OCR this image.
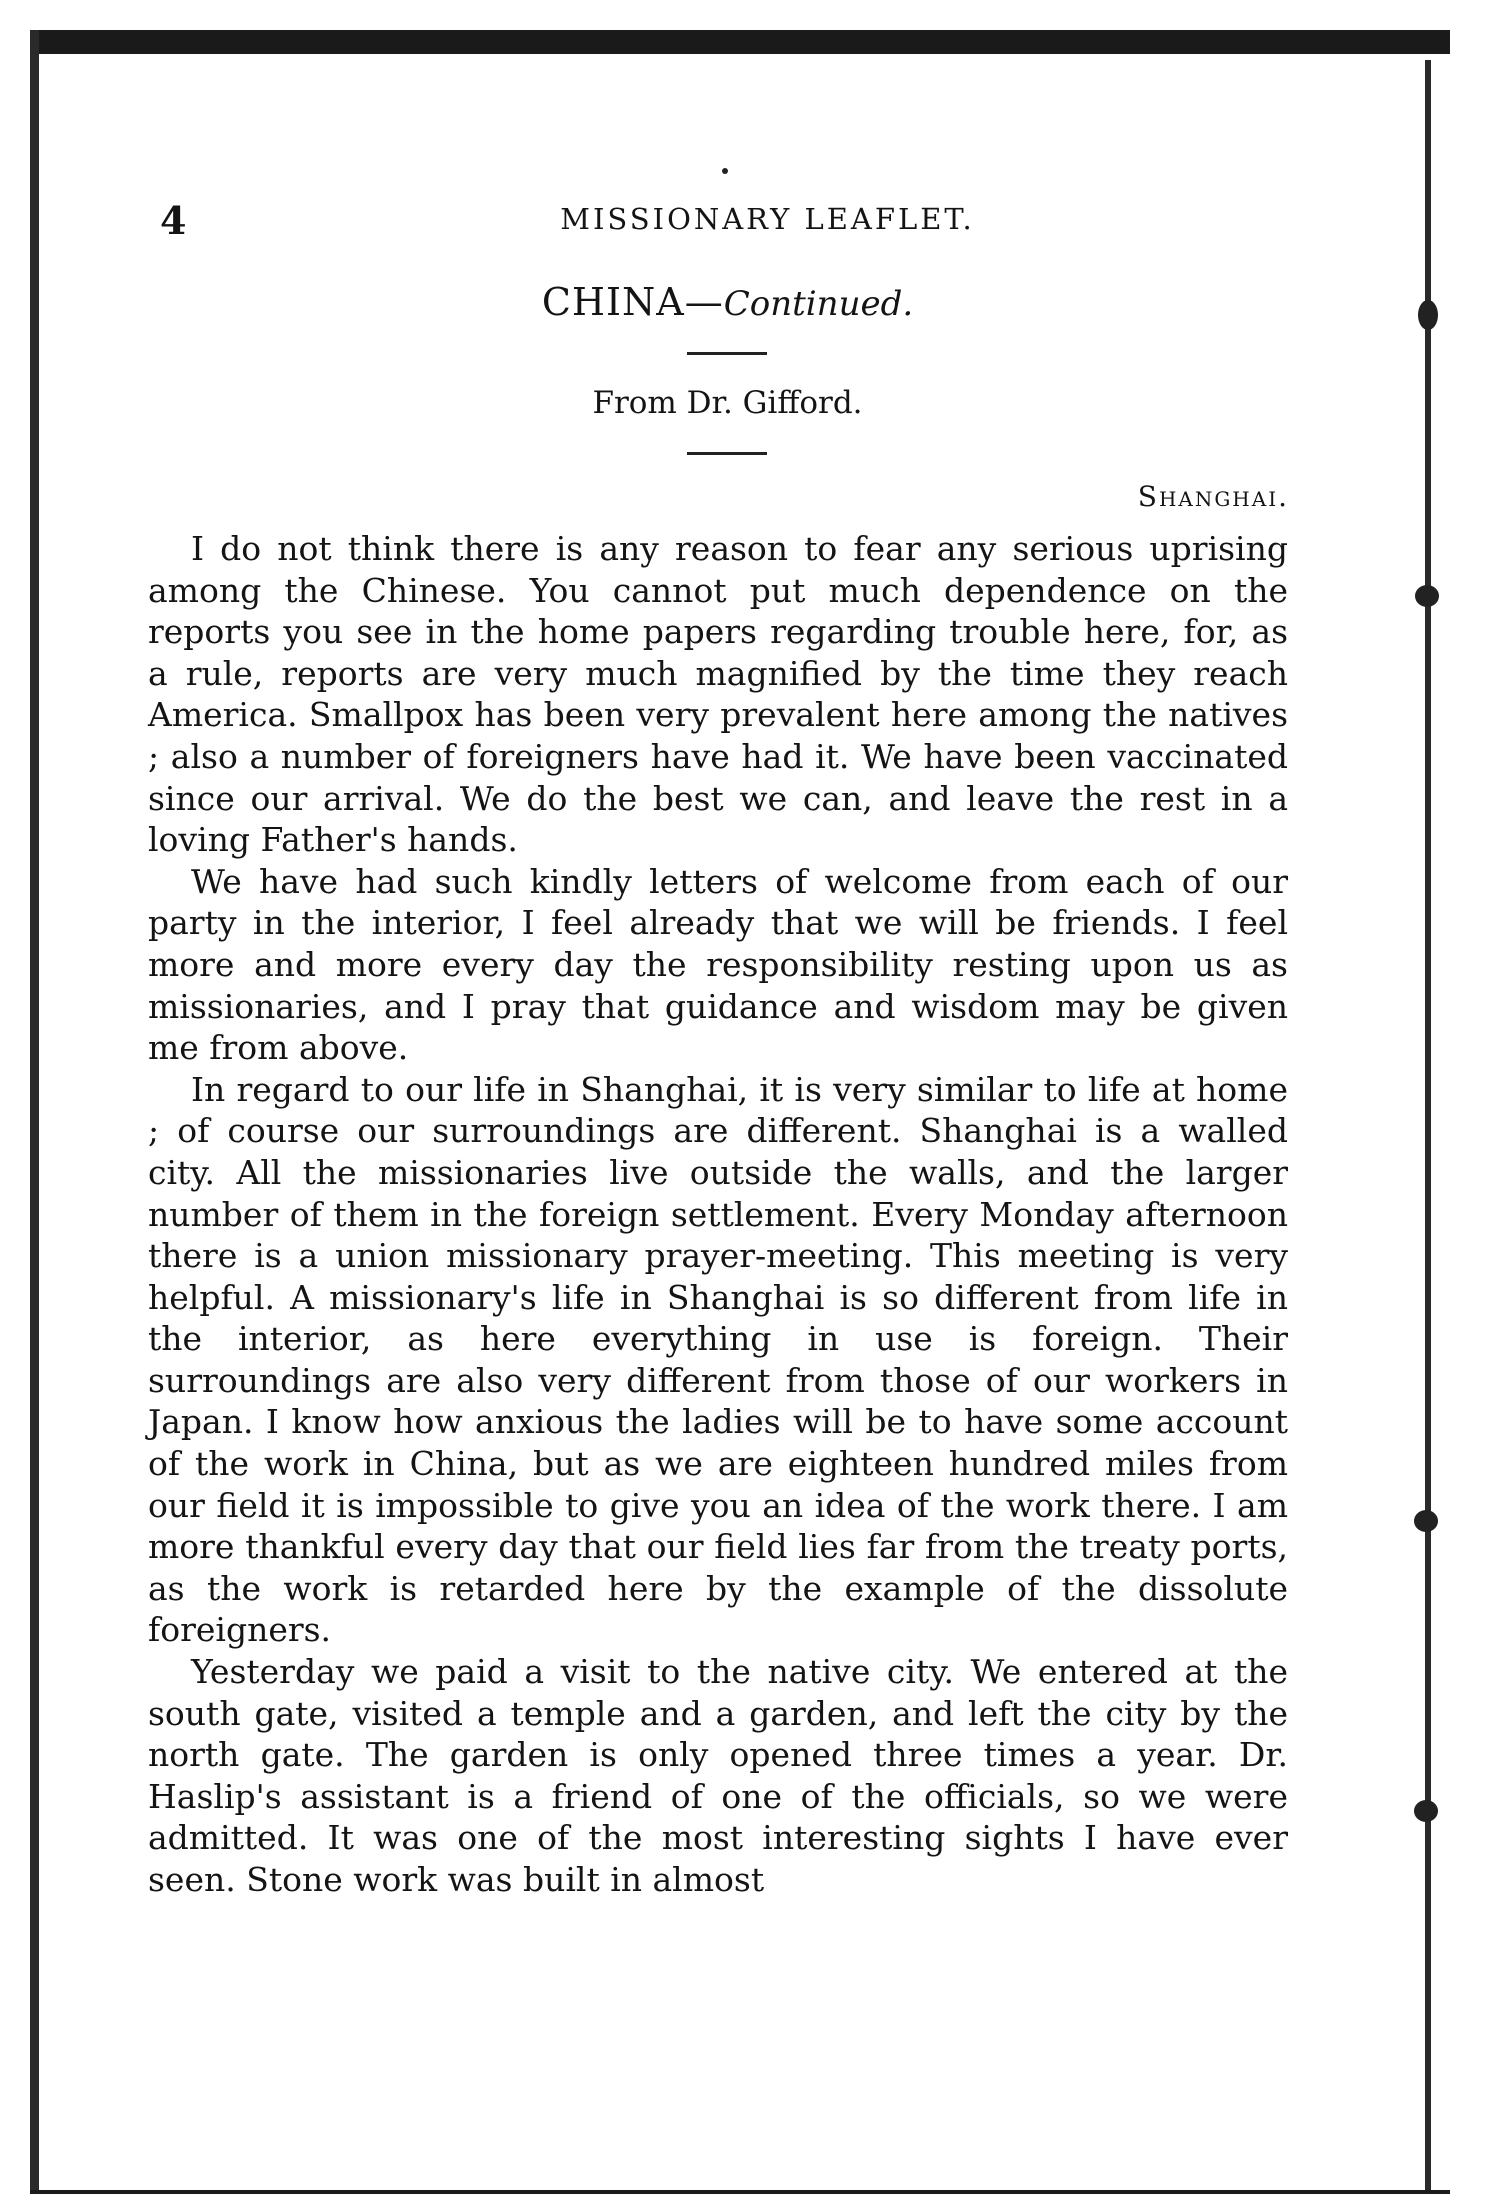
4	MISSIONARY LEAFLET.
CHINA—Continued.
From Dr. Gifford.
Shanghai.

I do not think there is any reason to fear any serious uprising among the Chinese. You cannot put much dependence on the reports you see in the home papers regarding trouble here, for, as a rule, reports are very much magnified by the time they reach America. Smallpox has been very prevalent here among the natives ; also a number of foreigners have had it. We have been vaccinated since our arrival. We do the best we can, and leave the rest in a loving Father's hands.

We have had such kindly letters of welcome from each of our party in the interior, I feel already that we will be friends. I feel more and more every day the responsibility resting upon us as missionaries, and I pray that guidance and wisdom may be given me from above.

In regard to our life in Shanghai, it is very similar to life at home ; of course our surroundings are different. Shanghai is a walled city. All the missionaries live outside the walls, and the larger number of them in the foreign settlement. Every Monday afternoon there is a union missionary prayer-meeting. This meeting is very helpful. A missionary's life in Shanghai is so different from life in the interior, as here everything in use is foreign. Their surroundings are also very different from those of our workers in Japan. I know how anxious the ladies will be to have some account of the work in China, but as we are eighteen hundred miles from our field it is impossible to give you an idea of the work there. I am more thankful every day that our field lies far from the treaty ports, as the work is retarded here by the example of the dissolute foreigners.

Yesterday we paid a visit to the native city. We entered at the south gate, visited a temple and a garden, and left the city by the north gate. The garden is only opened three times a year. Dr. Haslip's assistant is a friend of one of the officials, so we were admitted. It was one of the most interesting sights I have ever seen. Stone work was built in almost
